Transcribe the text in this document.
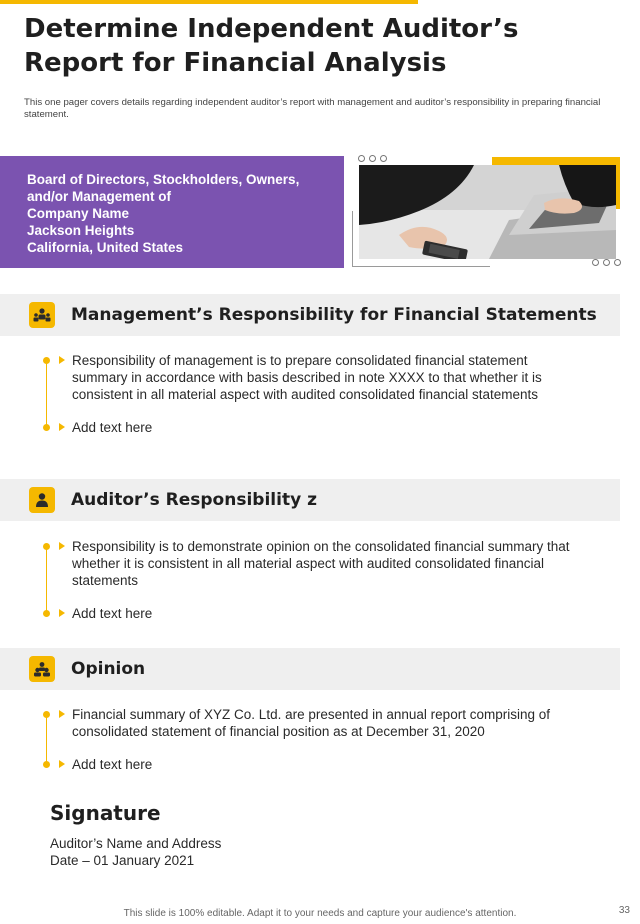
Determine Independent Auditor’s Report for Financial Analysis

This one pager covers details regarding independent auditor’s report with management and auditor’s responsibility in preparing financial statement.

Board of Directors, Stockholders, Owners,
and/or Management of
Company Name
Jackson Heights
California, United States
Management’s Responsibility for Financial Statements
Responsibility of management is to prepare consolidated financial statement summary in accordance with basis described in note XXXX to that whether it is consistent in all material aspect with audited consolidated financial statements
Add text here
Auditor’s Responsibility z
Responsibility is to demonstrate opinion on the consolidated financial summary that whether it is consistent in all material aspect with audited consolidated financial statements
Add text here
Opinion
Financial summary of XYZ Co. Ltd. are presented in annual report comprising of consolidated statement of financial position as at December 31, 2020
Add text here
Signature
Auditor’s Name and Address
Date – 01 January 2021
This slide is 100% editable. Adapt it to your needs and capture your audience's attention.	33
